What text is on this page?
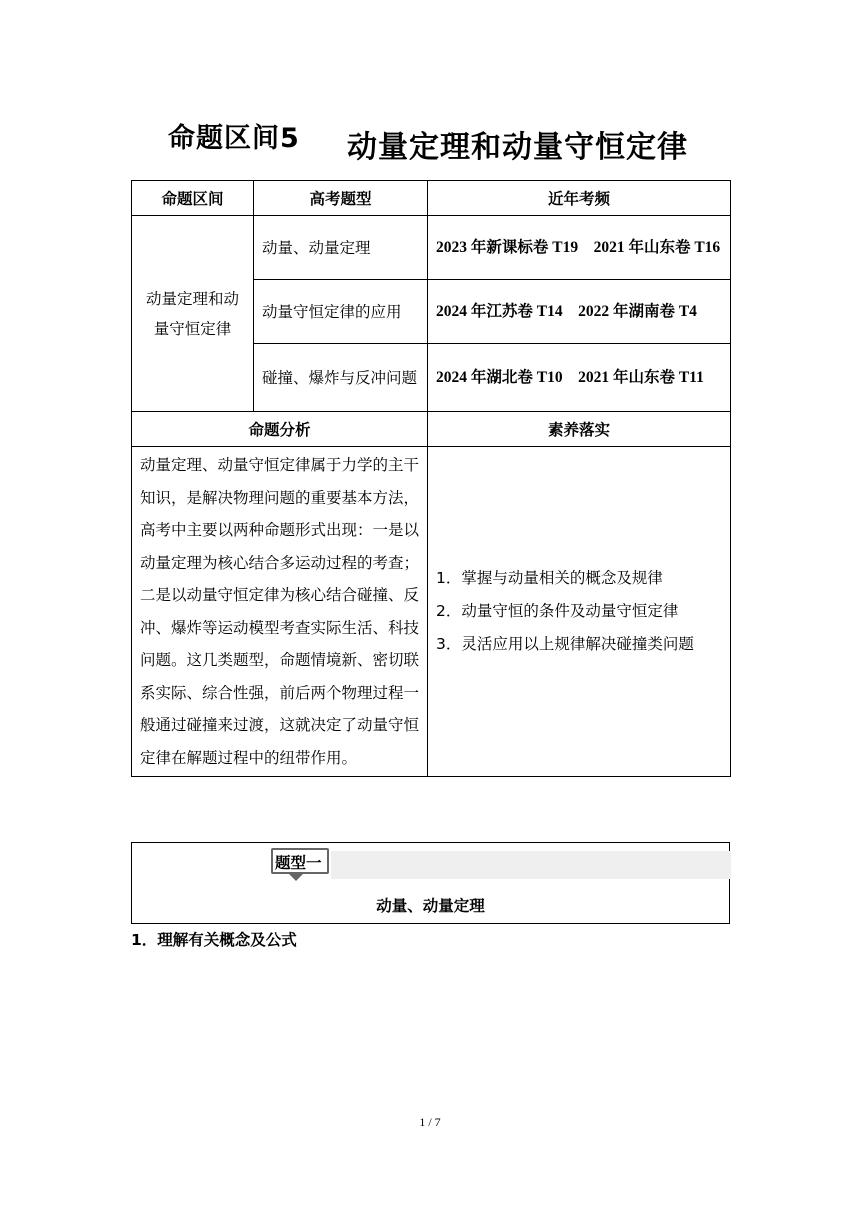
命题区间5 动量定理和动量守恒定律
命题区间	高考题型	近年考频
动量定理和动量守恒定律	动量、动量定理	2023 年新课标卷 T19　2021 年山东卷 T16
	动量守恒定律的应用	2024 年江苏卷 T14　2022 年湖南卷 T4
	碰撞、爆炸与反冲问题	2024 年湖北卷 T10　2021 年山东卷 T11
命题分析		素养落实
动量定理、动量守恒定律属于力学的主干知识，是解决物理问题的重要基本方法，高考中主要以两种命题形式出现：一是以动量定理为核心结合多运动过程的考查；二是以动量守恒定律为核心结合碰撞、反冲、爆炸等运动模型考查实际生活、科技问题。这几类题型，命题情境新、密切联系实际、综合性强，前后两个物理过程一般通过碰撞来过渡，这就决定了动量守恒定律在解题过程中的纽带作用。		1．掌握与动量相关的概念及规律
2．动量守恒的条件及动量守恒定律
3．灵活应用以上规律解决碰撞类问题
题型一
动量、动量定理
1．理解有关概念及公式
1 / 7
